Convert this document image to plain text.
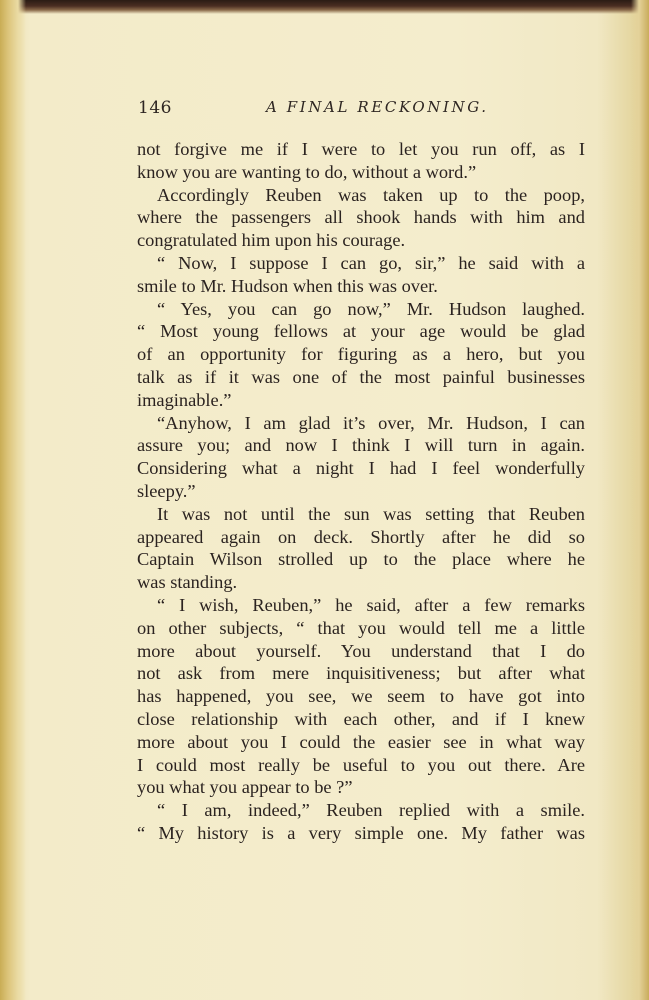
146	A FINAL RECKONING.
not forgive me if I were to let you run off, as I
know you are wanting to do, without a word.”
Accordingly Reuben was taken up to the poop,
where the passengers all shook hands with him and
congratulated him upon his courage.
“ Now, I suppose I can go, sir,” he said with a
smile to Mr. Hudson when this was over.
“ Yes, you can go now,” Mr. Hudson laughed.
“ Most young fellows at your age would be glad
of an opportunity for figuring as a hero, but you
talk as if it was one of the most painful businesses
imaginable.”
“Anyhow, I am glad it’s over, Mr. Hudson, I can
assure you; and now I think I will turn in again.
Considering what a night I had I feel wonderfully
sleepy.”
It was not until the sun was setting that Reuben
appeared again on deck. Shortly after he did so
Captain Wilson strolled up to the place where he
was standing.
“ I wish, Reuben,” he said, after a few remarks
on other subjects, “ that you would tell me a little
more about yourself. You understand that I do
not ask from mere inquisitiveness; but after what
has happened, you see, we seem to have got into
close relationship with each other, and if I knew
more about you I could the easier see in what way
I could most really be useful to you out there. Are
you what you appear to be ?”
“ I am, indeed,” Reuben replied with a smile.
“ My history is a very simple one. My father was
